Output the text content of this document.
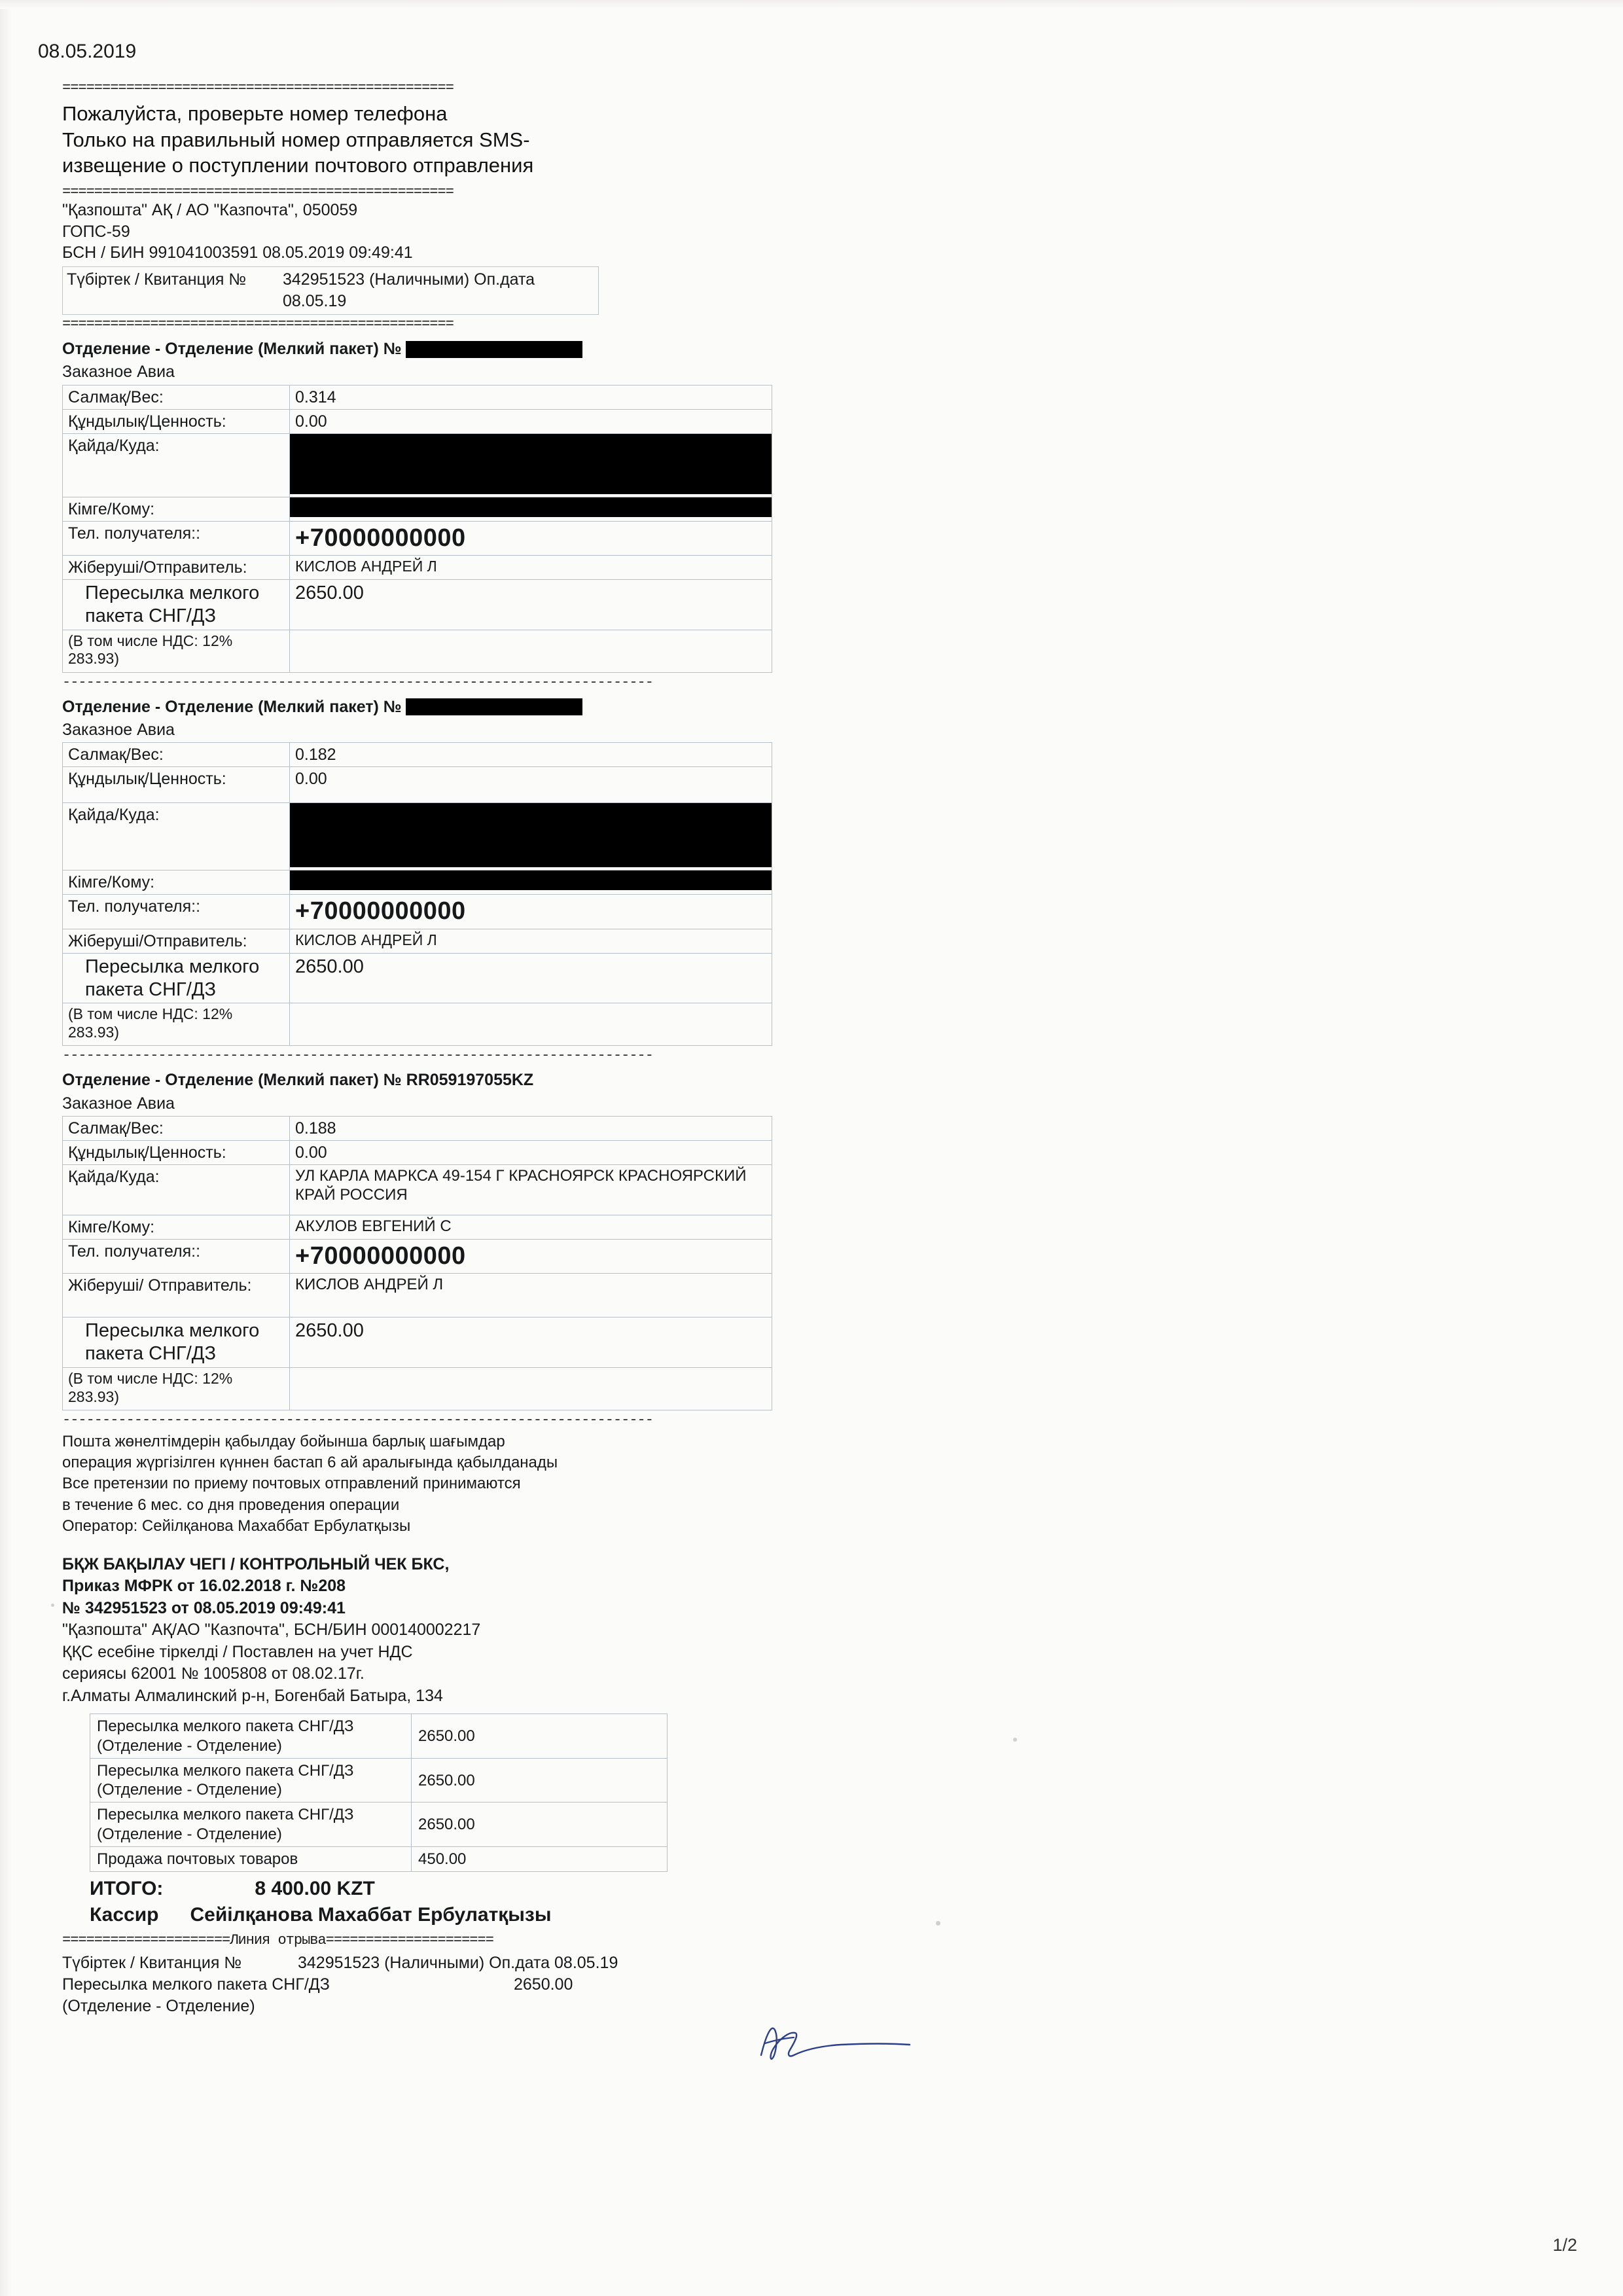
08.05.2019
=================================================
Пожалуйста, проверьте номер телефона
Только на правильный номер отправляется SMS-
извещение о поступлении почтового отправления
=================================================
"Қазпошта" АҚ / АО "Казпочта", 050059
ГОПС-59
БСН / БИН 991041003591 08.05.2019 09:49:41
Түбіртек / Квитанция №	342951523 (Наличными) Оп.дата 08.05.19
=================================================
Отделение - Отделение (Мелкий пакет) №
Заказное Авиа
Салмақ/Вес:	0.314
Құндылық/Ценность:	0.00
Қайда/Куда:	

Кімге/Кому:	

Тел. получателя::	+70000000000
Жіберуші/Отправитель:	КИСЛОВ АНДРЕЙ Л
Пересылка мелкого пакета СНГ/ДЗ	2650.00
(В том числе НДС: 12% 283.93)	
--------------------------------------------------------------------------
Отделение - Отделение (Мелкий пакет) №
Заказное Авиа
Салмақ/Вес:	0.182
Құндылық/Ценность:	0.00
Қайда/Куда:	

Кімге/Кому:	

Тел. получателя::	+70000000000
Жіберуші/Отправитель:	КИСЛОВ АНДРЕЙ Л
Пересылка мелкого пакета СНГ/ДЗ	2650.00
(В том числе НДС: 12% 283.93)	
--------------------------------------------------------------------------
Отделение - Отделение (Мелкий пакет) № RR059197055KZ
Заказное Авиа
Салмақ/Вес:	0.188
Құндылық/Ценность:	0.00
Қайда/Куда:	УЛ КАРЛА МАРКСА 49-154 Г КРАСНОЯРСК КРАСНОЯРСКИЙ КРАЙ РОССИЯ
Кімге/Кому:	АКУЛОВ ЕВГЕНИЙ С
Тел. получателя::	+70000000000
Жіберуші/ Отправитель:	КИСЛОВ АНДРЕЙ Л
Пересылка мелкого пакета СНГ/ДЗ	2650.00
(В том числе НДС: 12% 283.93)	
--------------------------------------------------------------------------
Пошта жөнелтімдерін қабылдау бойынша барлық шағымдар
операция жүргізілген күннен бастап 6 ай аралығында қабылданады
Все претензии по приему почтовых отправлений принимаются
в течение 6 мес. со дня проведения операции
Оператор: Сейілқанова Махаббат Ербулатқызы
БҚЖ БАҚЫЛАУ ЧЕГІ / КОНТРОЛЬНЫЙ ЧЕК БКС,
Приказ МФРК от 16.02.2018 г. №208
№ 342951523 от 08.05.2019 09:49:41
"Қазпошта" АҚ/АО "Казпочта", БСН/БИН 000140002217
ҚҚС есебіне тіркелді / Поставлен на учет НДС
сериясы 62001 № 1005808 от 08.02.17г.
г.Алматы Алмалинский р-н, Богенбай Батыра, 134
Пересылка мелкого пакета СНГ/ДЗ (Отделение - Отделение)	2650.00
Пересылка мелкого пакета СНГ/ДЗ (Отделение - Отделение)	2650.00
Пересылка мелкого пакета СНГ/ДЗ (Отделение - Отделение)	2650.00
Продажа почтовых товаров	450.00
ИТОГО:	8 400.00 KZT
Кассир Сейілқанова Махаббат Ербулатқызы
=====================Линия отрыва=====================
Түбіртек / Квитанция №	342951523 (Наличными) Оп.дата 08.05.19
Пересылка мелкого пакета СНГ/ДЗ	2650.00
(Отделение - Отделение)
1/2
